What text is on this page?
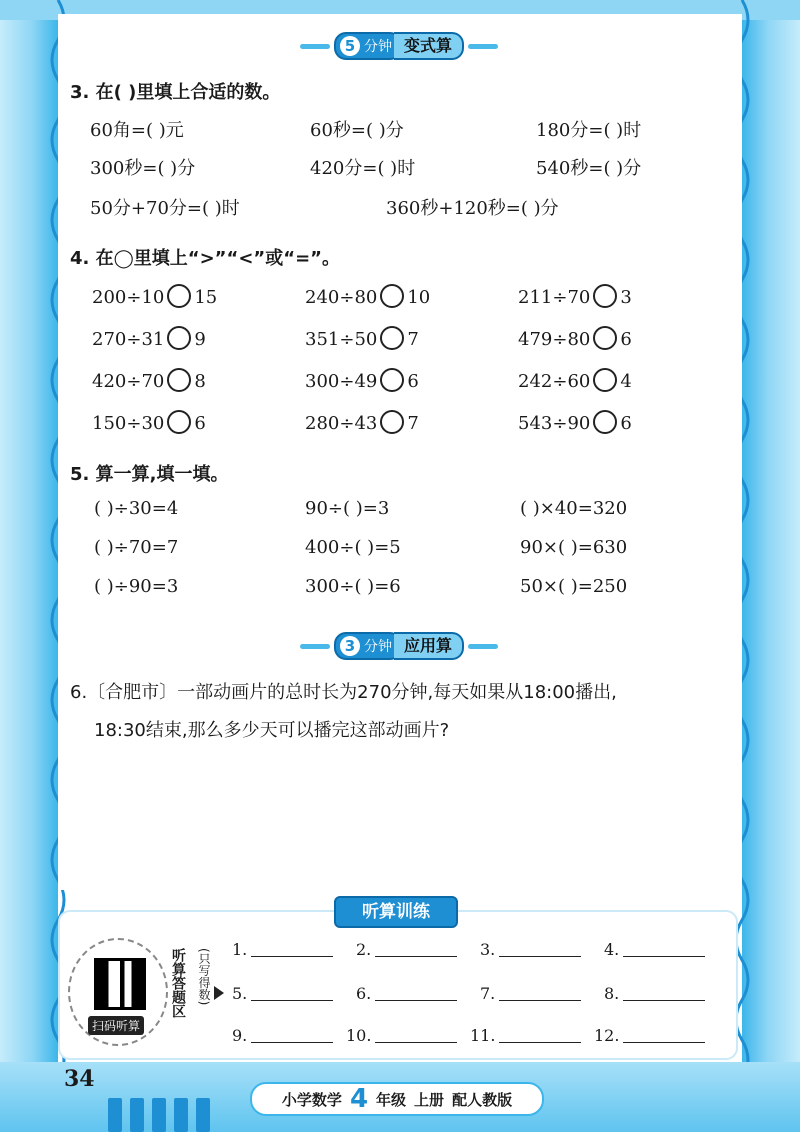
5 分钟 变式算
3. 在( )里填上合适的数。
60角=( )元	60秒=( )分	180分=( )时
300秒=( )分	420分=( )时	540秒=( )分
50分+70分=( )时	360秒+120秒=( )分
4. 在◯里填上“>”“<”或“=”。
200÷10 15	240÷80 10	211÷70 3
270÷31 9	351÷50 7	479÷80 6
420÷70 8	300÷49 6	242÷60 4
150÷30 6	280÷43 7	543÷90 6
5. 算一算,填一填。
( )÷30=4	90÷( )=3	( )×40=320
( )÷70=7	400÷( )=5	90×( )=630
( )÷90=3	300÷( )=6	50×( )=250
3 分钟 应用算
6.〔合肥市〕一部动画片的总时长为270分钟,每天如果从18:00播出,
18:30结束,那么多少天可以播完这部动画片?
听算训练
扫码听算
听算答题区 (只写得数) 1.	2.	3.	4.
5.	6.	7.	8.
9.	10.	11.	12.
34
小学数学 4 年级 上册 配人教版
